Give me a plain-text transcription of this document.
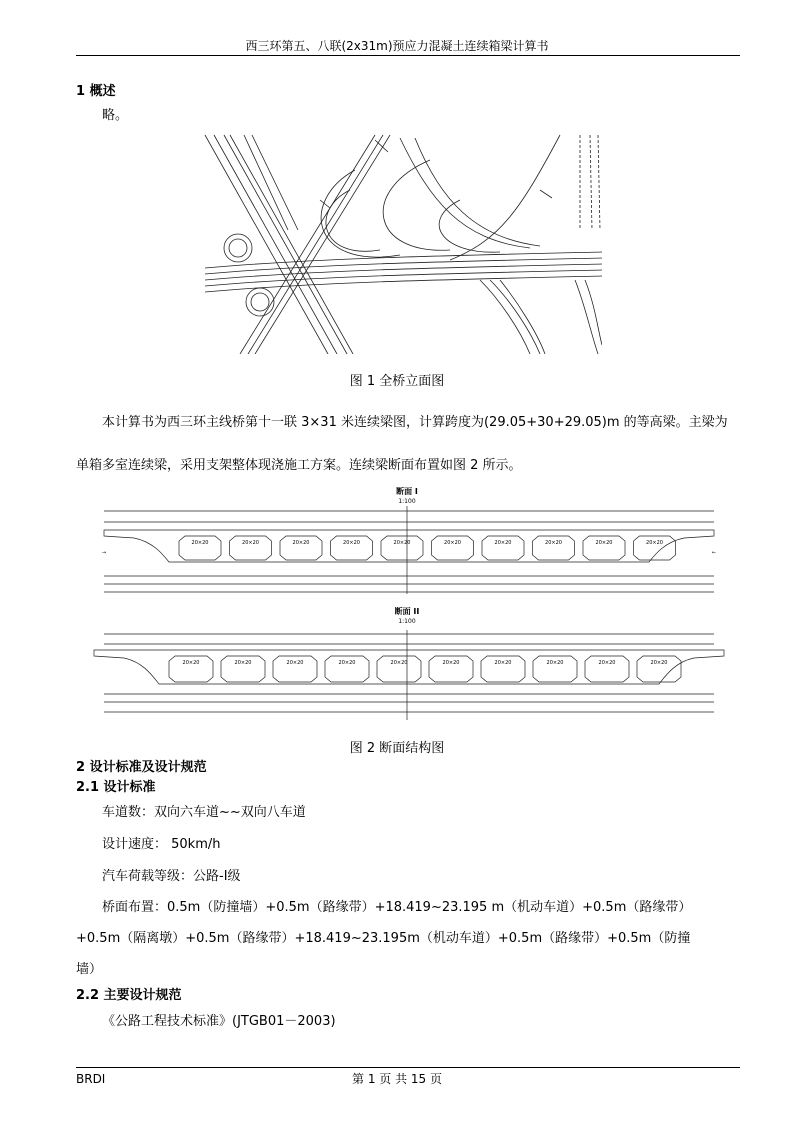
西三环第五、八联(2x31m)预应力混凝土连续箱梁计算书
1 概述
略。
图 1 全桥立面图
本计算书为西三环主线桥第十一联 3×31 米连续梁图，计算跨度为(29.05+30+29.05)m 的等高梁。主梁为
单箱多室连续梁，采用支架整体现浇施工方案。连续梁断面布置如图 2 所示。
断面 I
1:100
断面 II
1:100
20×20	20×20	20×20	20×20	20×20	20×20	20×20	20×20	20×20	20×20
20×20	20×20	20×20	20×20	20×20	20×20	20×20	20×20	20×20	20×20
→	←
图 2 断面结构图
2 设计标准及设计规范
2.1 设计标准
车道数：双向六车道~~双向八车道
设计速度： 50km/h
汽车荷载等级：公路-Ⅰ级
桥面布置：0.5m（防撞墙）+0.5m（路缘带）+18.419~23.195 m（机动车道）+0.5m（路缘带）
+0.5m（隔离墩）+0.5m（路缘带）+18.419~23.195m（机动车道）+0.5m（路缘带）+0.5m（防撞
墙）
2.2 主要设计规范
《公路工程技术标准》(JTGB01－2003)
BRDI	第 1 页 共 15 页
